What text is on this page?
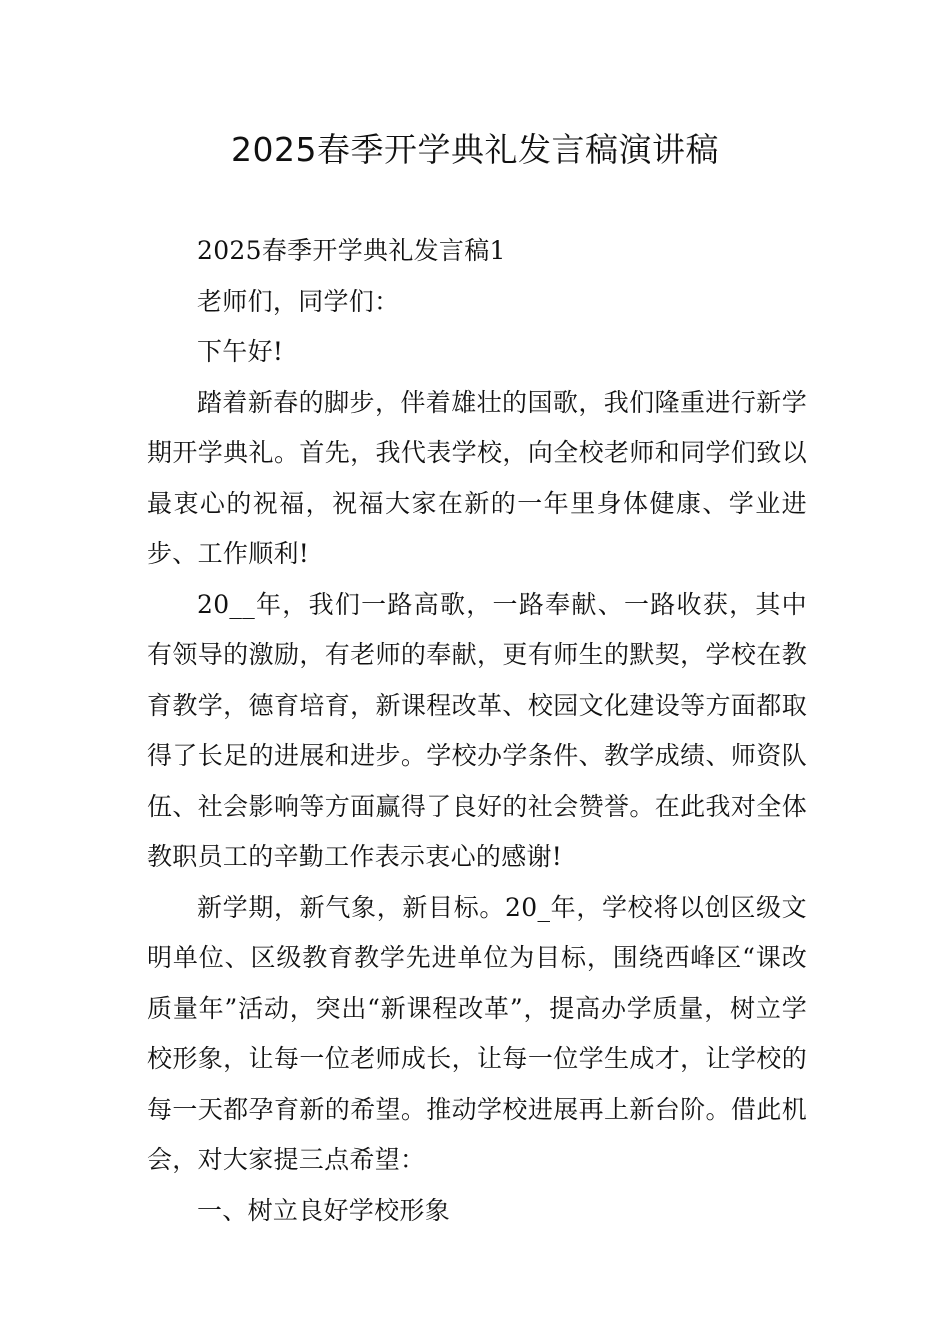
2025春季开学典礼发言稿演讲稿

2025春季开学典礼发言稿1

老师们，同学们：

下午好!

踏着新春的脚步，伴着雄壮的国歌，我们隆重进行新学期开学典礼。首先，我代表学校，向全校老师和同学们致以最衷心的祝福，祝福大家在新的一年里身体健康、学业进步、工作顺利!

20__年，我们一路高歌，一路奉献、一路收获，其中有领导的激励，有老师的奉献，更有师生的默契，学校在教育教学，德育培育，新课程改革、校园文化建设等方面都取得了长足的进展和进步。学校办学条件、教学成绩、师资队伍、社会影响等方面赢得了良好的社会赞誉。在此我对全体教职员工的辛勤工作表示衷心的感谢!

新学期，新气象，新目标。20_年，学校将以创区级文明单位、区级教育教学先进单位为目标，围绕西峰区“课改质量年”活动，突出“新课程改革”，提高办学质量，树立学校形象，让每一位老师成长，让每一位学生成才，让学校的每一天都孕育新的希望。推动学校进展再上新台阶。借此机会，对大家提三点希望：

一、树立良好学校形象
